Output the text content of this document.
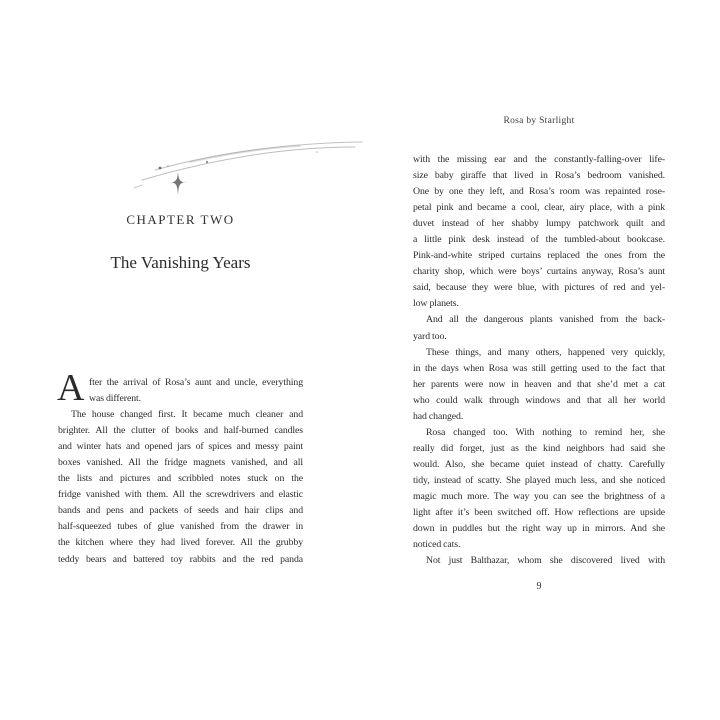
CHAPTER TWO
The Vanishing Years
A fter the arrival of Rosa’s aunt and uncle, everything
was different.
The house changed first. It became much cleaner and
brighter. All the clutter of books and half-burned candles
and winter hats and opened jars of spices and messy paint
boxes vanished. All the fridge magnets vanished, and all
the lists and pictures and scribbled notes stuck on the
fridge vanished with them. All the screwdrivers and elastic
bands and pens and packets of seeds and hair clips and
half-squeezed tubes of glue vanished from the drawer in
the kitchen where they had lived forever. All the grubby
teddy bears and battered toy rabbits and the red panda
Rosa by Starlight
with the missing ear and the constantly-falling-over life-
size baby giraffe that lived in Rosa’s bedroom vanished.
One by one they left, and Rosa’s room was repainted rose-
petal pink and became a cool, clear, airy place, with a pink
duvet instead of her shabby lumpy patchwork quilt and
a little pink desk instead of the tumbled-about bookcase.
Pink-and-white striped curtains replaced the ones from the
charity shop, which were boys’ curtains anyway, Rosa’s aunt
said, because they were blue, with pictures of red and yel-
low planets.
And all the dangerous plants vanished from the back-
yard too.
These things, and many others, happened very quickly,
in the days when Rosa was still getting used to the fact that
her parents were now in heaven and that she’d met a cat
who could walk through windows and that all her world
had changed.
Rosa changed too. With nothing to remind her, she
really did forget, just as the kind neighbors had said she
would. Also, she became quiet instead of chatty. Carefully
tidy, instead of scatty. She played much less, and she noticed
magic much more. The way you can see the brightness of a
light after it’s been switched off. How reflections are upside
down in puddles but the right way up in mirrors. And she
noticed cats.
Not just Balthazar, whom she discovered lived with
9
